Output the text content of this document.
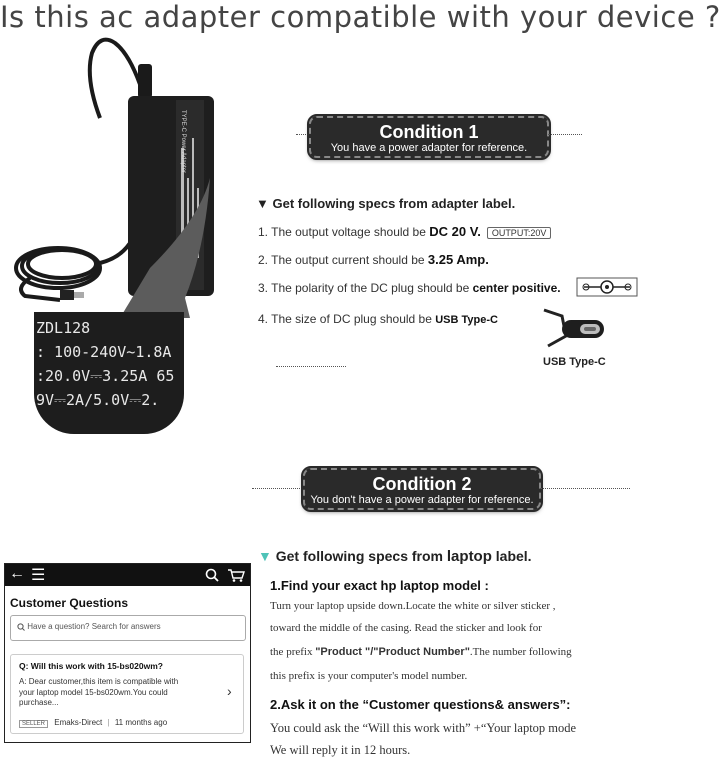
Is this ac adapter compatible with your device ?
TYPE-C Power Adapter
ZDL128
: 100-240V~1.8A
:20.0V⎓3.25A 65
9V⎓2A/5.0V⎓2.
Condition 1
You have a power adapter for reference.
▼ Get following specs from adapter label.
1. The output voltage should be DC 20 V. OUTPUT:20V
2. The output current should be 3.25 Amp.
3. The polarity of the DC plug should be center positive.
4. The size of DC plug should be USB Type-C
USB Type-C
Condition 2
You don't have a power adapter for reference.
▼ Get following specs from laptop label.
← ☰
Customer Questions
Have a question? Search for answers
Q: Will this work with 15-bs020wm?
A: Dear customer,this item is compatible with
your laptop model 15-bs020wm.You could
purchase...
›
SELLER Emaks-Direct | 11 months ago
1.Find your exact hp laptop model :
Turn your laptop upside down.Locate the white or silver sticker ,
toward the middle of the casing. Read the sticker and look for
the prefix "Product "/"Product Number".The number following
this prefix is your computer's model number.
2.Ask it on the “Customer questions& answers”:
You could ask the “Will this work with” +“Your laptop mode
We will reply it in 12 hours.
